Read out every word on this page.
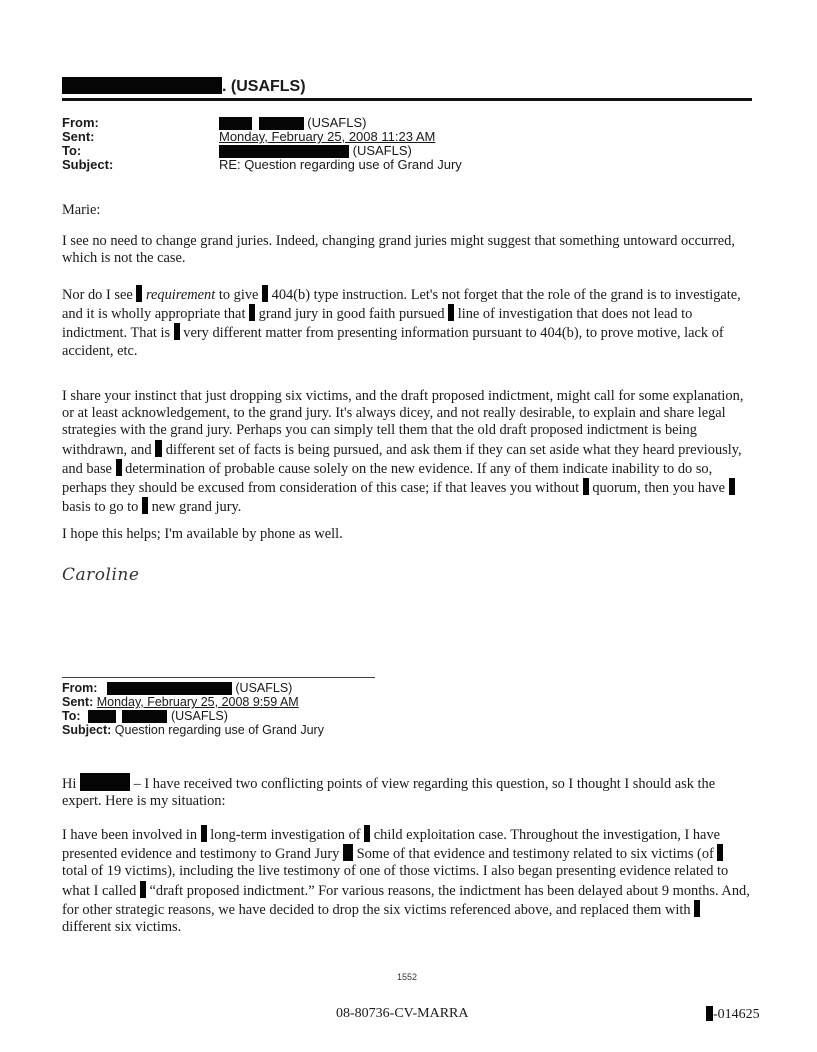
. (USAFLS)
From:	(USAFLS)
Sent:	Monday, February 25, 2008 11:23 AM
To:	(USAFLS)
Subject:	RE: Question regarding use of Grand Jury
Marie:

I see no need to change grand juries. Indeed, changing grand juries might suggest that something untoward occurred, which is not the case.

Nor do I see requirement to give 404(b) type instruction. Let's not forget that the role of the grand is to investigate, and it is wholly appropriate that grand jury in good faith pursued line of investigation that does not lead to indictment. That is very different matter from presenting information pursuant to 404(b), to prove motive, lack of accident, etc.

I share your instinct that just dropping six victims, and the draft proposed indictment, might call for some explanation, or at least acknowledgement, to the grand jury. It's always dicey, and not really desirable, to explain and share legal strategies with the grand jury. Perhaps you can simply tell them that the old draft proposed indictment is being withdrawn, and different set of facts is being pursued, and ask them if they can set aside what they heard previously, and base determination of probable cause solely on the new evidence. If any of them indicate inability to do so, perhaps they should be excused from consideration of this case; if that leaves you without quorum, then you have  basis to go to new grand jury.

I hope this helps; I'm available by phone as well.

Caroline
From:	(USAFLS)
Sent: Monday, February 25, 2008 9:59 AM
To:	(USAFLS)
Subject: Question regarding use of Grand Jury

Hi	– I have received two conflicting points of view regarding this question, so I thought I should ask the expert. Here is my situation:

I have been involved in long-term investigation of child exploitation case. Throughout the investigation, I have presented evidence and testimony to Grand Jury Some of that evidence and testimony related to six victims (of  total of 19 victims), including the live testimony of one of those victims. I also began presenting evidence related to what I called “draft proposed indictment.” For various reasons, the indictment has been delayed about 9 months. And, for other strategic reasons, we have decided to drop the six victims referenced above, and replaced them with  different six victims.

1552
08-80736-CV-MARRA	-014625
